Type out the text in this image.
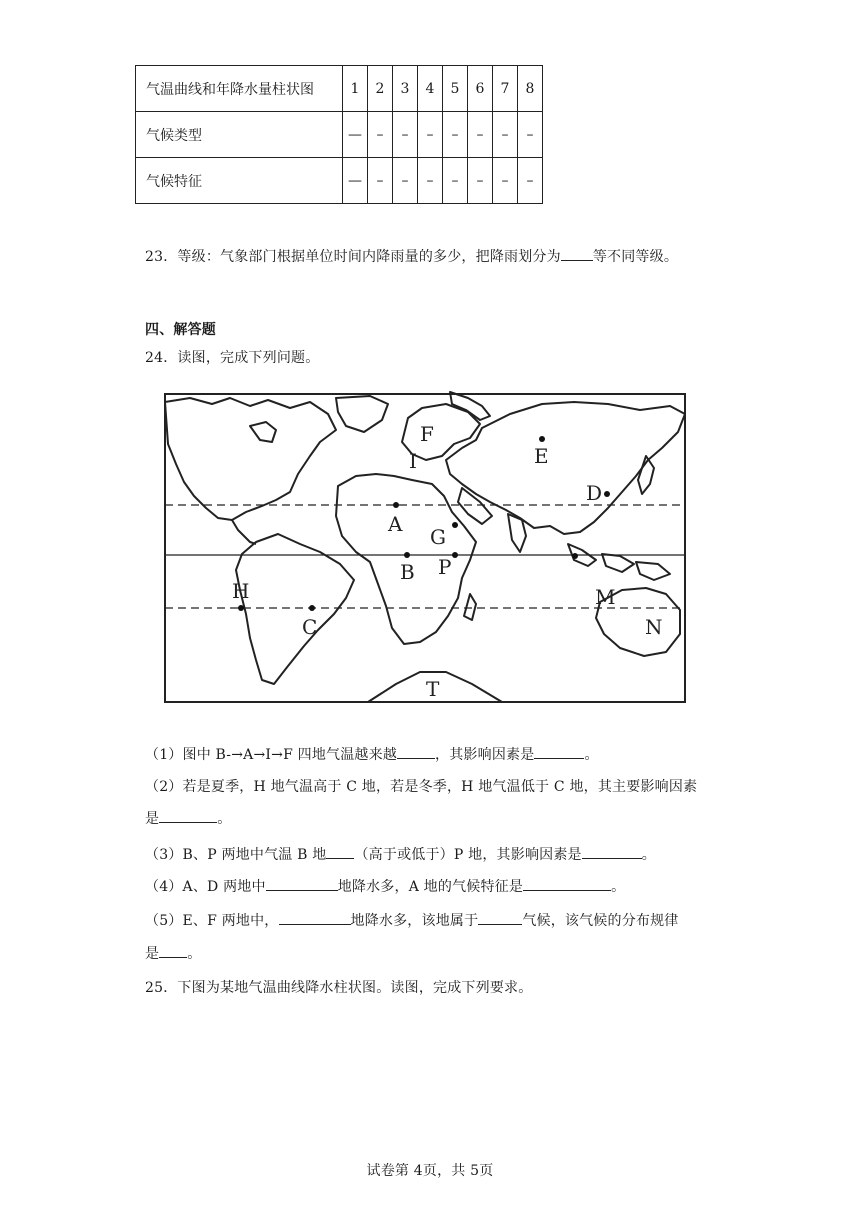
气温曲线和年降水量柱状图	1	2	3	4	5	6	7	8
气候类型	—	–	–	–	–	–	–	–
气候特征	—	–	–	–	–	–	–	–
23．等级：气象部门根据单位时间内降雨量的多少，把降雨划分为 等不同等级。
四、解答题
24．读图，完成下列问题。
F
I	E
D
A
G
B P
H
C
M
N
T
（1）图中 B-→A→I→F 四地气温越来越	，其影响因素是	。
（2）若是夏季，H 地气温高于 C 地，若是冬季，H 地气温低于 C 地，其主要影响因素
是	。
（3）B、P 两地中气温 B 地 （高于或低于）P 地，其影响因素是	。
（4）A、D 两地中	地降水多，A 地的气候特征是	。
（5）E、F 两地中，	地降水多，该地属于	气候，该气候的分布规律
是 。
25．下图为某地气温曲线降水柱状图。读图，完成下列要求。
试卷第 4页，共 5页
